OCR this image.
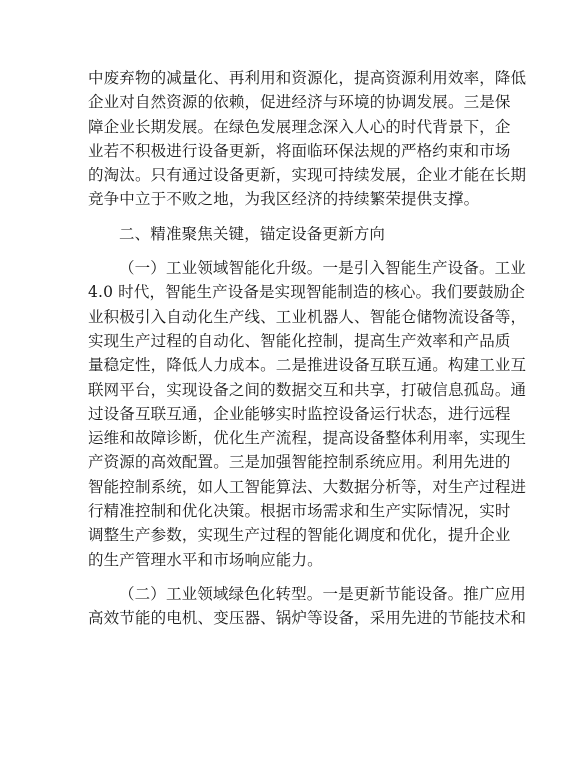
中废弃物的减量化、再利用和资源化，提高资源利用效率，降低
企业对自然资源的依赖，促进经济与环境的协调发展。三是保
障企业长期发展。在绿色发展理念深入人心的时代背景下，企
业若不积极进行设备更新，将面临环保法规的严格约束和市场
的淘汰。只有通过设备更新，实现可持续发展，企业才能在长期
竞争中立于不败之地，为我区经济的持续繁荣提供支撑。
二、精准聚焦关键，锚定设备更新方向
（一）工业领域智能化升级。一是引入智能生产设备。工业
4.0 时代，智能生产设备是实现智能制造的核心。我们要鼓励企
业积极引入自动化生产线、工业机器人、智能仓储物流设备等，
实现生产过程的自动化、智能化控制，提高生产效率和产品质
量稳定性，降低人力成本。二是推进设备互联互通。构建工业互
联网平台，实现设备之间的数据交互和共享，打破信息孤岛。通
过设备互联互通，企业能够实时监控设备运行状态，进行远程
运维和故障诊断，优化生产流程，提高设备整体利用率，实现生
产资源的高效配置。三是加强智能控制系统应用。利用先进的
智能控制系统，如人工智能算法、大数据分析等，对生产过程进
行精准控制和优化决策。根据市场需求和生产实际情况，实时
调整生产参数，实现生产过程的智能化调度和优化，提升企业
的生产管理水平和市场响应能力。
（二）工业领域绿色化转型。一是更新节能设备。推广应用
高效节能的电机、变压器、锅炉等设备，采用先进的节能技术和
